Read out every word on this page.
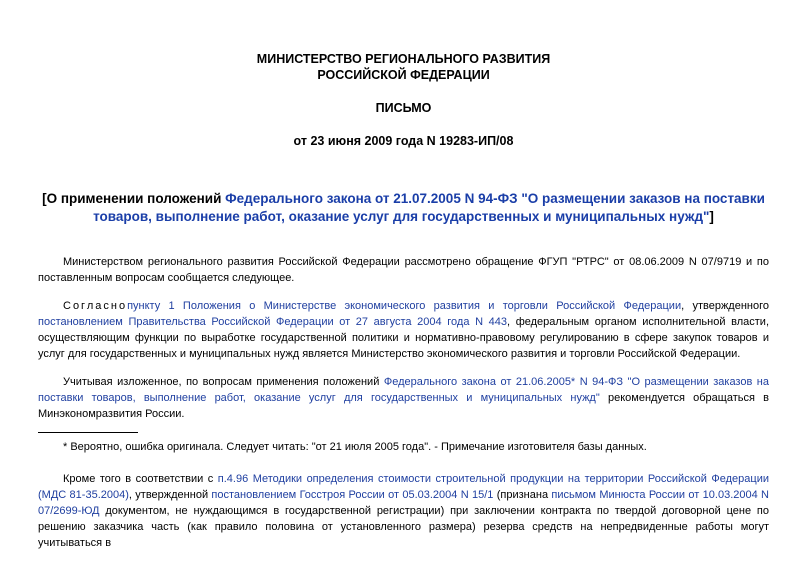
МИНИСТЕРСТВО РЕГИОНАЛЬНОГО РАЗВИТИЯ
РОССИЙСКОЙ ФЕДЕРАЦИИ
ПИСЬМО
от 23 июня 2009 года N 19283-ИП/08
[О применении положений Федерального закона от 21.07.2005 N 94-ФЗ "О размещении заказов на поставки товаров, выполнение работ, оказание услуг для государственных и муниципальных нужд"]

Министерством регионального развития Российской Федерации рассмотрено обращение ФГУП "РТРС" от 08.06.2009 N 07/9719 и по поставленным вопросам сообщается следующее.

Согласнопункту 1 Положения о Министерстве экономического развития и торговли Российской Федерации, утвержденного постановлением Правительства Российской Федерации от 27 августа 2004 года N 443, федеральным органом исполнительной власти, осуществляющим функции по выработке государственной политики и нормативно-правовому регулированию в сфере закупок товаров и услуг для государственных и муниципальных нужд является Министерство экономического развития и торговли Российской Федерации.

Учитывая изложенное, по вопросам применения положений Федерального закона от 21.06.2005* N 94-ФЗ "О размещении заказов на поставки товаров, выполнение работ, оказание услуг для государственных и муниципальных нужд" рекомендуется обращаться в Минэкономразвития России.

* Вероятно, ошибка оригинала. Следует читать: "от 21 июля 2005 года". - Примечание изготовителя базы данных.

Кроме того в соответствии с п.4.96 Методики определения стоимости строительной продукции на территории Российской Федерации (МДС 81-35.2004), утвержденной постановлением Госстроя России от 05.03.2004 N 15/1 (признана письмом Минюста России от 10.03.2004 N 07/2699-ЮД документом, не нуждающимся в государственной регистрации) при заключении контракта по твердой договорной цене по решению заказчика часть (как правило половина от установленного размера) резерва средств на непредвиденные работы могут учитываться в
